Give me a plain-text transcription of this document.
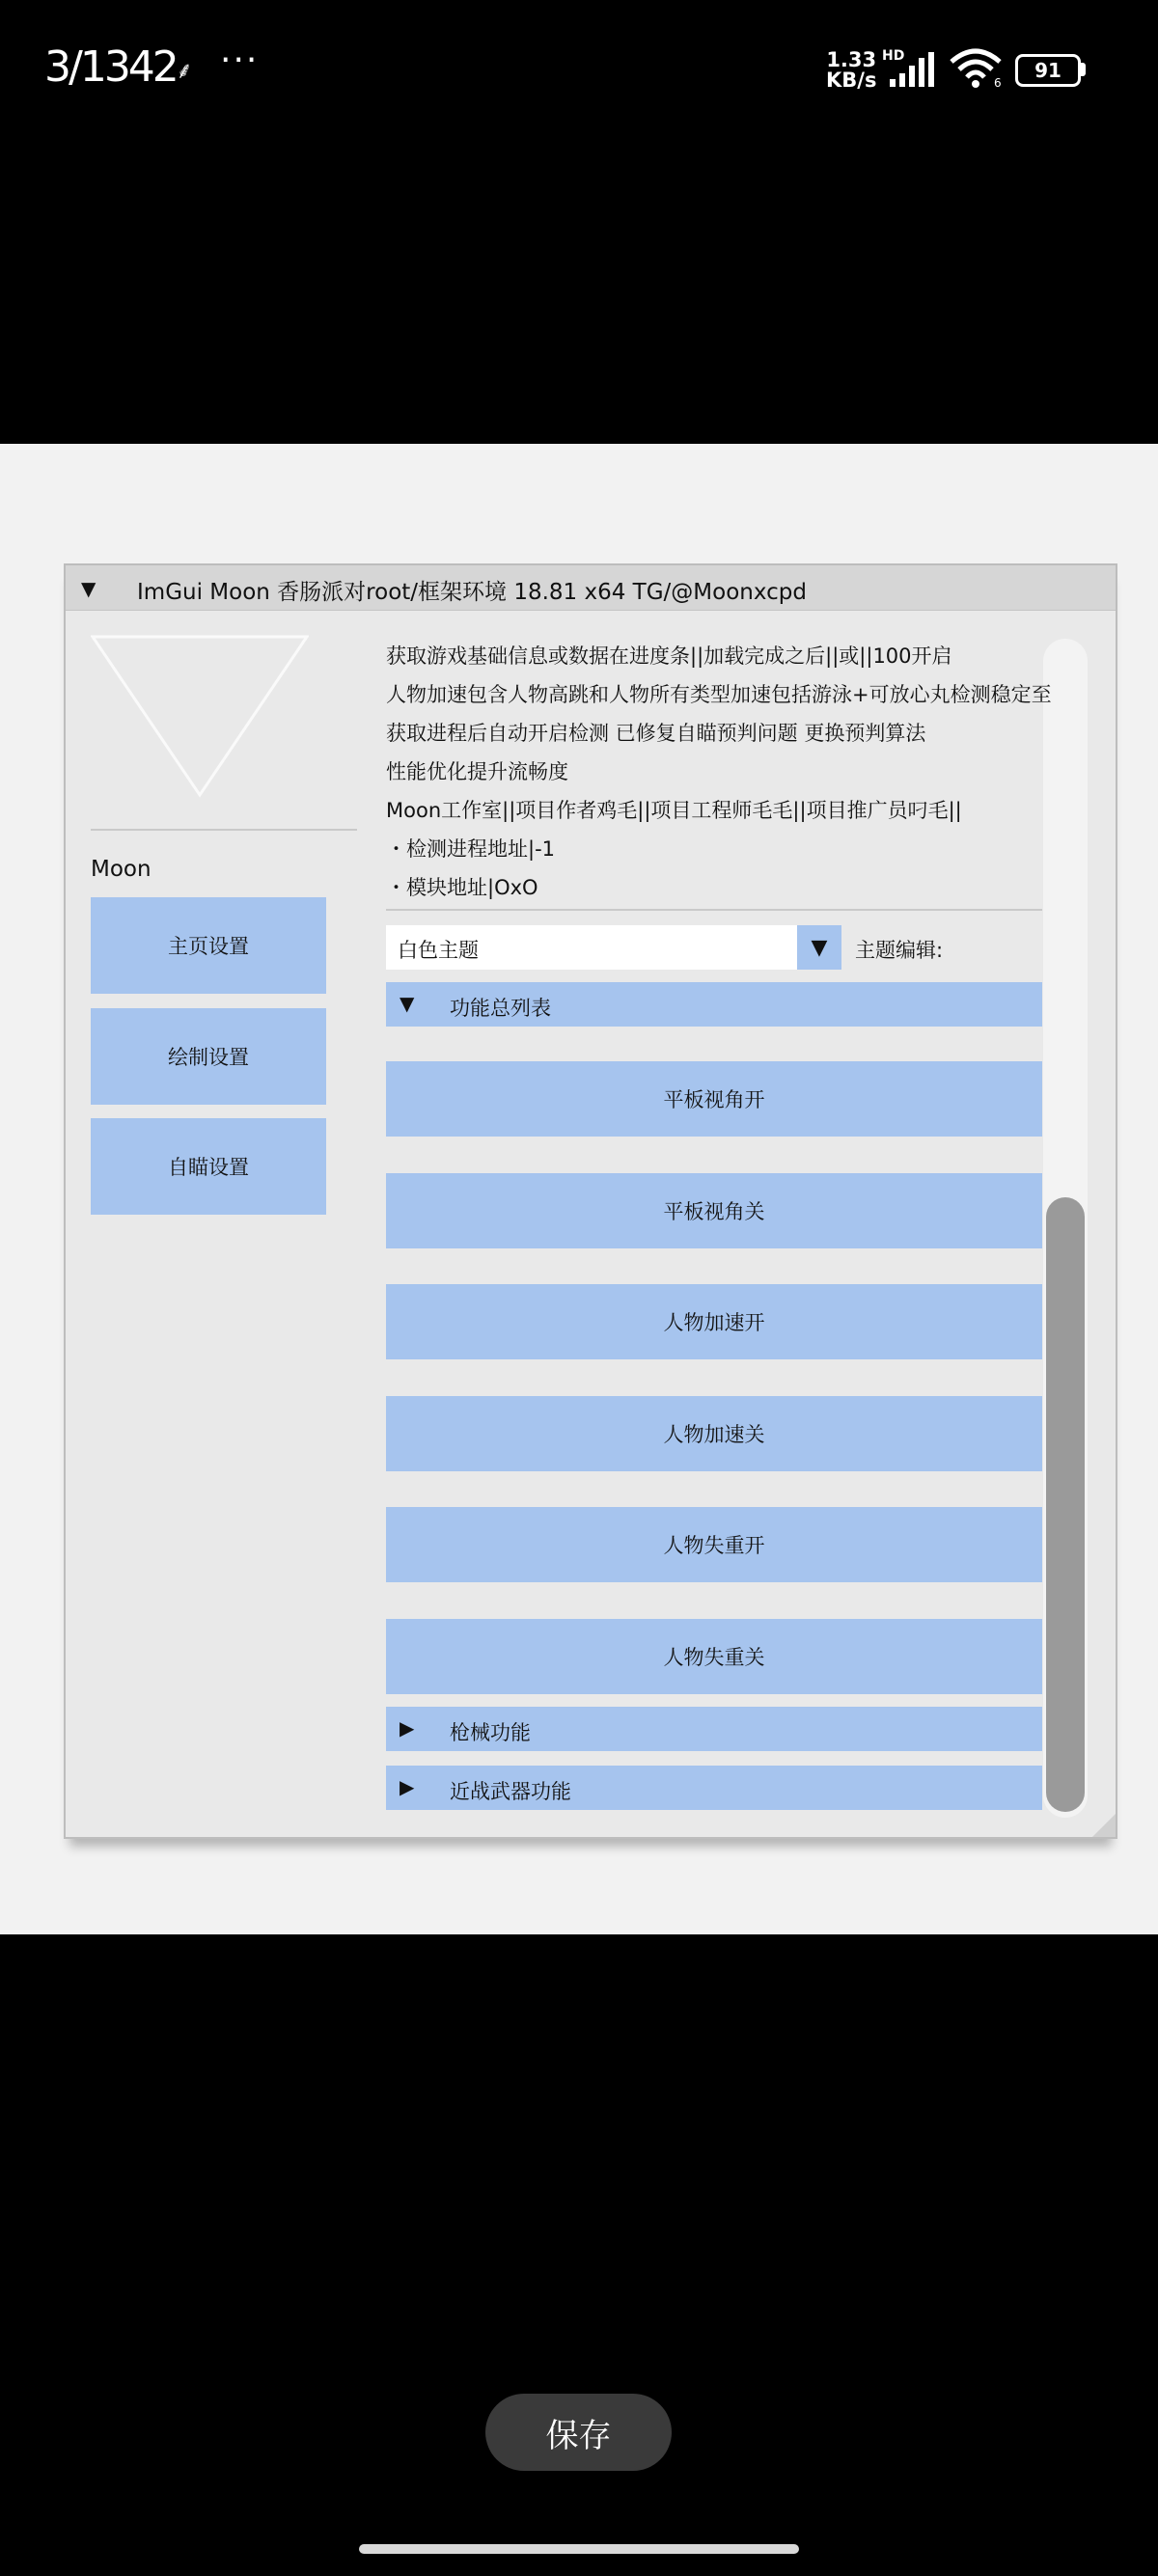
3/1342 ⸙ ···	1.33
KB/s
HD
6
91
▼ ImGui Moon 香肠派对root/框架环境 18.81 x64 TG/@Moonxcpd
Moon
主页设置
绘制设置
自瞄设置
获取游戏基础信息或数据在进度条||加载完成之后||或||100开启
人物加速包含人物高跳和人物所有类型加速包括游泳+可放心丸检测稳定至
获取进程后自动开启检测 已修复自瞄预判问题 更换预判算法
性能优化提升流畅度
Moon工作室||项目作者鸡毛||项目工程师毛毛||项目推广员叼毛||
・检测进程地址|-1
・模块地址|OxO
白色主题	▼	主题编辑:
▼ 功能总列表
平板视角开
平板视角关
人物加速开
人物加速关
人物失重开
人物失重关
▶ 枪械功能
▶ 近战武器功能
保存
